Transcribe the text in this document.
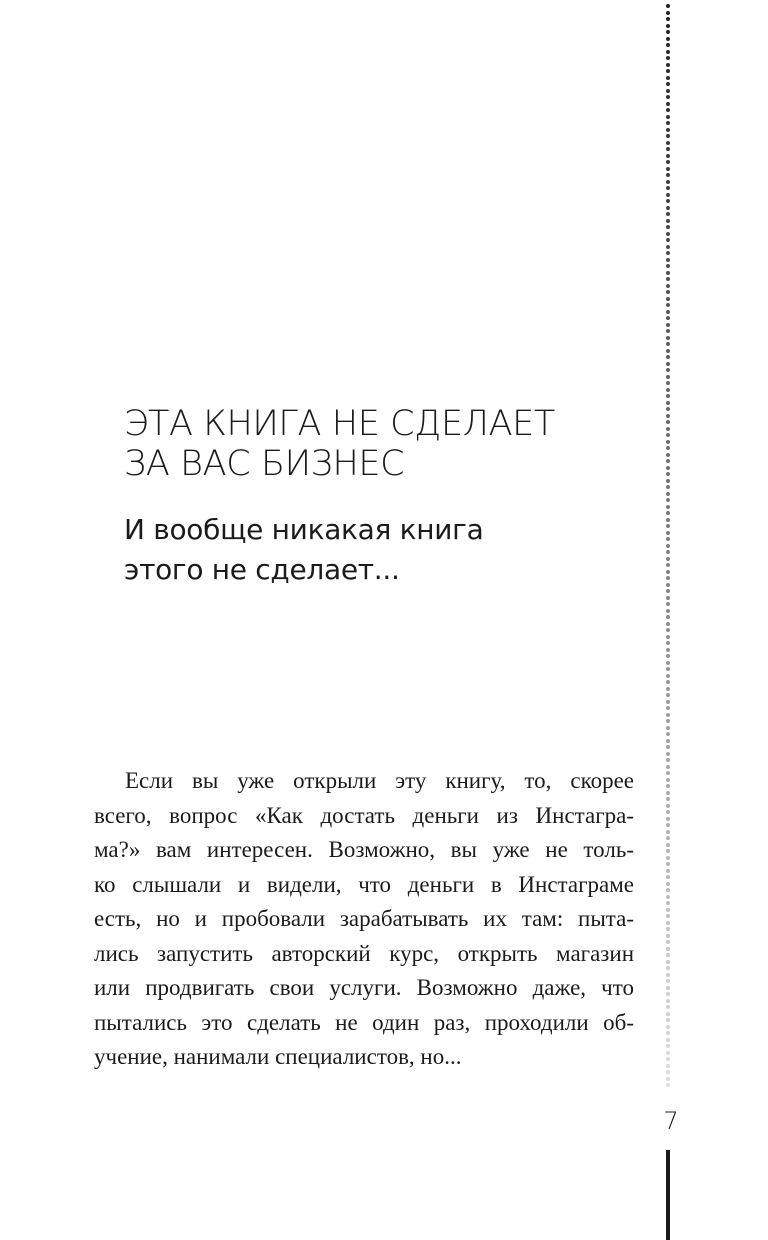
ЭТА КНИГА НЕ СДЕЛАЕТ
ЗА ВАС БИЗНЕС
И вообще никакая книга
этого не сделает...
Если вы уже открыли эту книгу, то, скорее
всего, вопрос «Как достать деньги из Инстагра-
ма?» вам интересен. Возможно, вы уже не толь-
ко слышали и видели, что деньги в Инстаграме
есть, но и пробовали зарабатывать их там: пыта-
лись запустить авторский курс, открыть магазин
или продвигать свои услуги. Возможно даже, что
пытались это сделать не один раз, проходили об-
учение, нанимали специалистов, но...
7
